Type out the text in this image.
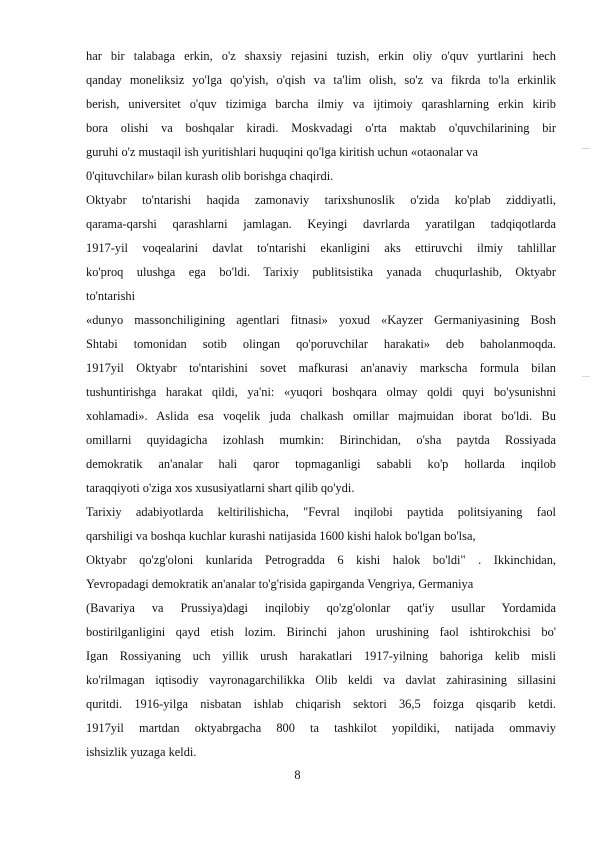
har bir talabaga erkin, o'z shaxsiy rejasini tuzish, erkin oliy o'quv yurtlarini hech
qanday moneliksiz yo'lga qo'yish, o'qish va ta'lim olish, so'z va fikrda to'la erkinlik
berish, universitet o'quv tizimiga barcha ilmiy va ijtimoiy qarashlarning erkin kirib
bora olishi va boshqalar kiradi. Moskvadagi o'rta maktab o'quvchilarining bir
guruhi o'z mustaqil ish yuritishlari huquqini qo'lga kiritish uchun «otaonalar va
0'qituvchilar» bilan kurash olib borishga chaqirdi.
Oktyabr to'ntarishi haqida zamonaviy tarixshunoslik o'zida ko'plab ziddiyatli,
qarama-qarshi qarashlarni jamlagan. Keyingi davrlarda yaratilgan tadqiqotlarda
1917-yil voqealarini davlat to'ntarishi ekanligini aks ettiruvchi ilmiy tahlillar
ko'proq ulushga ega bo'ldi. Tarixiy publitsistika yanada chuqurlashib, Oktyabr
to'ntarishi
«dunyo massonchiligining agentlari fitnasi» yoxud «Kayzer Germaniyasining Bosh
Shtabi tomonidan sotib olingan qo'poruvchilar harakati» deb baholanmoqda.
1917yil Oktyabr to'ntarishini sovet mafkurasi an'anaviy markscha formula bilan
tushuntirishga harakat qildi, ya'ni: «yuqori boshqara olmay qoldi quyi bo'ysunishni
xohlamadi». Aslida esa voqelik juda chalkash omillar majmuidan iborat bo'ldi. Bu
omillarni quyidagicha izohlash mumkin: Birinchidan, o'sha paytda Rossiyada
demokratik an'analar hali qaror topmaganligi sababli ko'p hollarda inqilob
taraqqiyoti o'ziga xos xususiyatlarni shart qilib qo'ydi.
Tarixiy adabiyotlarda keltirilishicha, "Fevral inqilobi paytida politsiyaning faol
qarshiligi va boshqa kuchlar kurashi natijasida 1600 kishi halok bo'lgan bo'lsa,
Oktyabr qo'zg'oloni kunlarida Petrogradda 6 kishi halok bo'ldi" . Ikkinchidan,
Yevropadagi demokratik an'analar to'g'risida gapirganda Vengriya, Germaniya
(Bavariya va Prussiya)dagi inqilobiy qo'zg'olonlar qat'iy usullar Yordamida
bostirilganligini qayd etish lozim. Birinchi jahon urushining faol ishtirokchisi bo'
Igan Rossiyaning uch yillik urush harakatlari 1917-yilning bahoriga kelib misli
ko'rilmagan iqtisodiy vayronagarchilikka Olib keldi va davlat zahirasining sillasini
quritdi. 1916-yilga nisbatan ishlab chiqarish sektori 36,5 foizga qisqarib ketdi.
1917yil martdan oktyabrgacha 800 ta tashkilot yopildiki, natijada ommaviy
ishsizlik yuzaga keldi.
8
